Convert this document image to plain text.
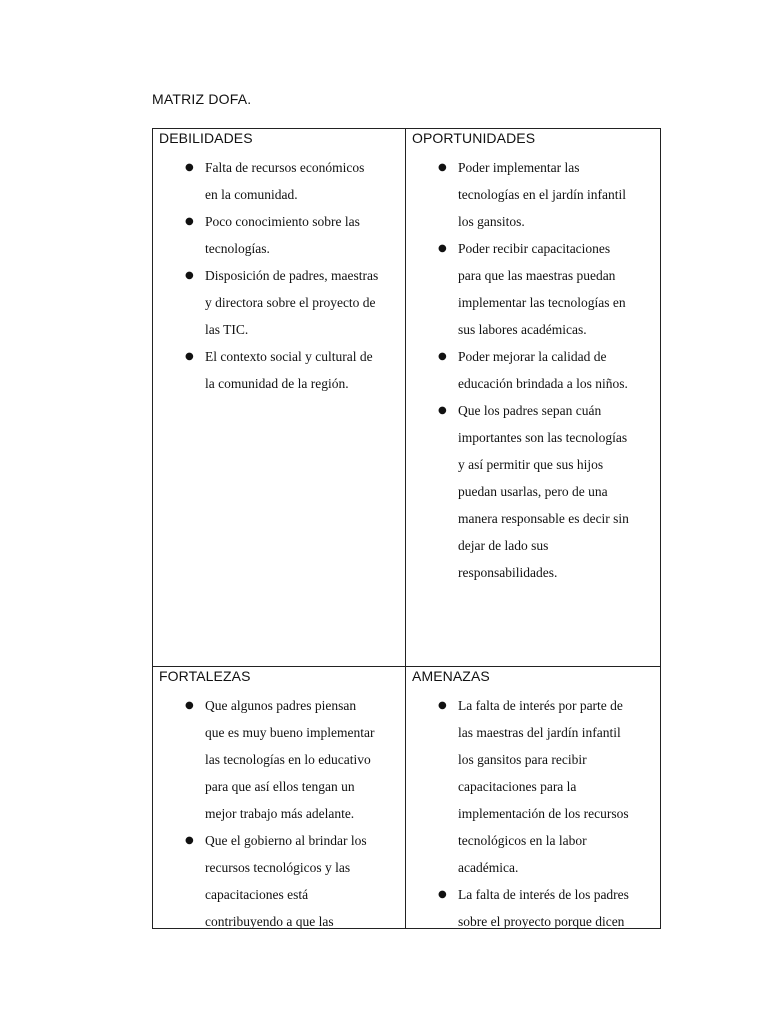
MATRIZ DOFA.
DEBILIDADES
● Falta de recursos económicos
en la comunidad.
● Poco conocimiento sobre las
tecnologías.
● Disposición de padres, maestras
y directora sobre el proyecto de
las TIC.
● El contexto social y cultural de
la comunidad de la región.
OPORTUNIDADES
● Poder implementar las
tecnologías en el jardín infantil
los gansitos.
● Poder recibir capacitaciones
para que las maestras puedan
implementar las tecnologías en
sus labores académicas.
● Poder mejorar la calidad de
educación brindada a los niños.
● Que los padres sepan cuán
importantes son las tecnologías
y así permitir que sus hijos
puedan usarlas, pero de una
manera responsable es decir sin
dejar de lado sus
responsabilidades.
FORTALEZAS
● Que algunos padres piensan
que es muy bueno implementar
las tecnologías en lo educativo
para que así ellos tengan un
mejor trabajo más adelante.
● Que el gobierno al brindar los
recursos tecnológicos y las
capacitaciones está
contribuyendo a que las
AMENAZAS
● La falta de interés por parte de
las maestras del jardín infantil
los gansitos para recibir
capacitaciones para la
implementación de los recursos
tecnológicos en la labor
académica.
● La falta de interés de los padres
sobre el proyecto porque dicen
